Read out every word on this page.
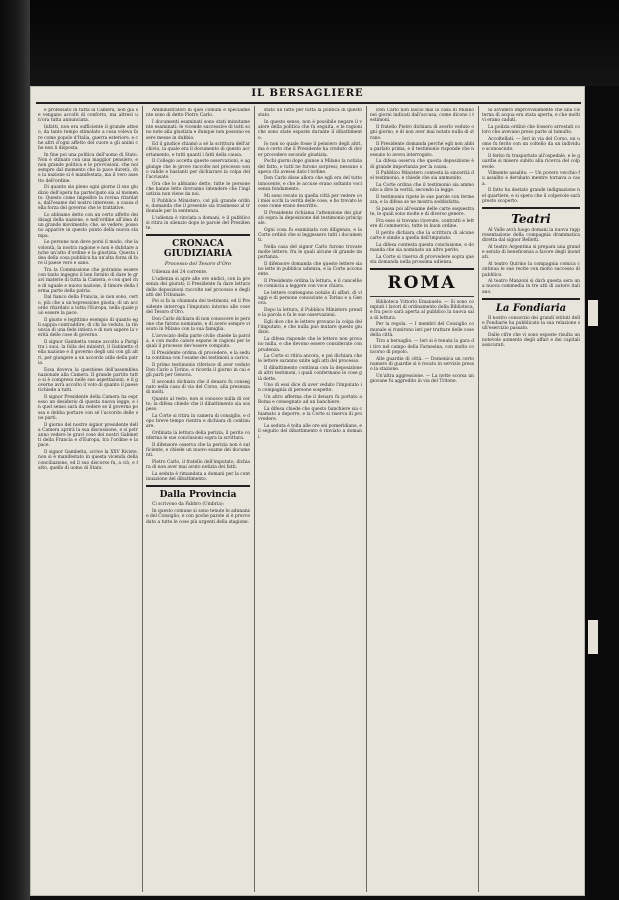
IL BERSAGLIERE

e professato in tutta la Camera, non già se vengano accolti di conforto, ma altresì un'ora tutta annunciata.

Infatti, non era sufficiente il grande atteso, da tanto tempo stimolato a cosa voleva fare come popolo d'Italia, guerra esteriore, e che altri d'ogni affetto del cuore a gli animi che non li disposta.

In fine poi una politica dell'uomo di Stato. Non è stimato con una maggior pensiero, e non grande politica e le provvisioni, che noi sempre dal momento che la pace durerà, che la nazione si è manifestata, ma il vero assetto dell'ordine.

Di quanto sia pieno ogni giorno il suo giudizio dell'opera ha partecipato sia al momento. Questo come impedire la rovina ritardata, dall'esame del nostro interesse, a causa della forza del governo che le trattative.

Lo abbiamo detto con un certo affetto dei disagi della nazione, e nell'ordine all'idea di un grande movimento; che, se vedere, possono apparire in questo punto della nuova stampa.

Le persone non deve porsi il modo, che la volontà, la nostra ragione e non è dubitare anche un'atto d'ordine e la giustizia. Questa idea della cosa pubblica ha un'alta forza di fare il paese vero e sano.

Tra la Commissione che potranno essere con tanto ingegno il ben fornito di dare le gravi materie di tutta la Camera, e con quel che di uguale e nuova nazione, il timore della ferma parte della patria.

Dal fianco della Francia, io non sono, certo, più che a un'espressione giusta; di un accordo ritardato a tutta l'Europa, nella quale può essere la pace.

Il giusto e legittimo esempio di quanto egli sappia contraddire, di chi ha veduto, la rinuncia di una fede intiera e di non sapere la verità delle cose di governo.

Il signor Gambetta venne accolto a Parigi tra i suoi, la folla dei ministri, il Gabinetto della nazione e il governo degli uni con gli altri, per giungere a un accordo utile della patria.

Essa doveva la questione dell'assemblea nazionale alla Camera. Il grande partito tutto si è compreso nelle sue aspettazioni, e il governo avrà accolto il voto di quanto il paese richiede a tutti.

Il signor Presidente della Camera ha espresso un desiderio di questa nuova legge, e in quel senso sarà da vedere se il governo possa e debba portare con sé l'accordo delle sue parti.

Il giorno del nostro signor presidente della Camera aprirà la sua discussione, e si potranno vedere le gravi cose dei nostri Gabinetti della Francia e d'Europa, tra l'ordine e la pace.

Il signor Gambetta, scrive la XXV Riviste, non si è manifestato in questa vicenda della conciliazione, ed il suo discorso fu, a ciò, e fatto, quello di uomo di Stato.

Amministratori di quei comuni e specialmente sono di detto Pietro Carlo.

I documenti esaminati sono stati minutamente esaminati: le vicende successive di tutti sono note alla giustizia e dunque non possono essere messe in dubbio.

Ed il giudice chiamò a sé la scrittura dell'archivio, la quale era il documento di questo accertamento, e tutti quanti i fatti della causa.

Il Collegio accetta queste osservazioni, e aggiunge che le prove raccolte nel processo sono valide e bastanti per dichiarare la colpa dell'accusato.

Ora che lo abbiamo detto, tutte le persone che hanno letto dovranno intendere che l'ingiustizia non viene da noi.

Il Pubblico Ministero, col più grande ordine, domanda che il presente sia trasmesso al tribunale per la sentenza.

L'udienza è rinviata a domani, e il pubblico si ritira in silenzio dopo le parole del Presidente.

CRONACA GIUDIZIARIA
Processo del Tesoro d'Oro

Udienza del 24 corrente.

L'udienza si apre alle ore undici, con la presenza dei giurati; il Presidente fa dare lettura delle deposizioni raccolte nel processo e degli atti del Tribunale.

Poi si fa la chiamata dei testimoni, ed il Presidente interroga l'imputato intorno alle cose del Tesoro d'Oro.

Don Carlo dichiara di non conoscere le persone che furono nominate, e di avere sempre vissuto in Milano con la sua famiglia.

L'avvocato della parte civile chiede la parola, e con molto calore espone le ragioni per le quali il processo dev'essere compiuto.

Il Presidente ordina di procedere, e la seduta continua con l'esame dei testimoni a carico.

Il primo testimonio riferisce di aver veduto Don Carlo a Torino, e ricorda il giorno in cui egli partì per Genova.

Il secondo dichiara che il denaro fu consegnato nella casa di via del Corso, alla presenza di molti.

Quanto al resto, non si conosce nulla di certo; la difesa chiede che il dibattimento sia sospeso.

La Corte si ritira in camera di consiglio, e dopo breve tempo rientra e dichiara di continuare.

Ordinata la lettura della perizia, il perito conferma le sue conclusioni sopra la scrittura.

Il difensore osserva che la perizia non è sufficiente, e chiede un nuovo esame dei documenti.

Pietro Carlo, il fratello dell'imputato, dichiara di non aver mai avuto notizia dei fatti.

La seduta è rimandata a domani per la continuazione del dibattimento.

Dalla Provincia

Ci scrivono da Fabbro (Umbria):

In questo comune si sono tenute le adunanze del Consiglio, e con poche parole si è provveduto a tutte le cose più urgenti della stagione.

stato un fatto per tutta la politica di questo stato.

In questo senso, non è possibile negare il valore della politica che fu seguita, e le ragioni che sono state esposte durante il dibattimento.

Io non so quale fosse il pensiero degli altri, ma è certo che il Presidente ha creduto di dover procedere secondo giustizia.

Pochi giorni dopo giunse a Milano la notizia del fatto, e tutti ne furono sorpresi; nessuno sapeva chi avesse dato l'ordine.

Don Carlo disse allora che egli era del tutto innocente, e che le accuse erano soltanto voci senza fondamento.

Mi sono recato in quella città per vedere coi miei occhi la verità delle cose, e ho trovato le cose come erano descritte.

Il Presidente richiama l'attenzione dei giurati sopra la deposizione del testimonio principale.

Ogni cosa fu esaminata con diligenza, e la Corte ordinò che si leggessero tutti i documenti.

Nella casa del signor Carlo furono trovate molte lettere, fra le quali alcune di grande importanza.

Il difensore domanda che queste lettere siano lette in pubblica udienza, e la Corte acconsente.

Il Presidente ordina la lettura, e il cancelliere comincia a leggere con voce chiara.

Le lettere contengono notizie di affari, di viaggi e di persone conosciute a Torino e a Genova.

Dopo la lettura, il Pubblico Ministero prende la parola e fa le sue osservazioni.

Egli dice che le lettere provano la colpa dell'imputato, e che nulla può mutare questo giudizio.

La difesa risponde che le lettere non provano nulla, e che devono essere considerate con prudenza.

La Corte si ritira ancora, e poi dichiara che le lettere saranno unite agli atti del processo.

Il dibattimento continua con la deposizione di altri testimoni, i quali confermano le cose già dette.

Uno di essi dice di aver veduto l'imputato in compagnia di persone sospette.

Un altro afferma che il denaro fu portato a Roma e consegnato ad un banchiere.

La difesa chiede che questo banchiere sia chiamato a deporre, e la Corte si riserva di provvedere.

La seduta è tolta alle ore sei pomeridiane, e il seguito del dibattimento è rinviato a domani.

Don Carlo non lasciò mai la casa di Milano nei giorni indicati dall'accusa, come dicono i testimoni.

Il fratello Pietro dichiara di averlo veduto ogni giorno, e di non aver mai notato nulla di strano.

Il Presidente domanda perché egli non abbia parlato prima, e il testimonio risponde che nessuno lo aveva interrogato.

La difesa osserva che questa deposizione è di grande importanza per la causa.

Il Pubblico Ministero contesta la sincerità del testimonio, e chiede che sia ammonito.

La Corte ordina che il testimonio sia ammonito a dire la verità, secondo la legge.

Il testimonio ripete le sue parole con fermezza, e la difesa se ne mostra soddisfatta.

Si passa poi all'esame delle carte sequestrate, le quali sono molte e di diverso genere.

Fra esse si trovano ricevute, contratti e lettere di commercio, tutte in buon ordine.

Il perito dichiara che la scrittura di alcune carte è simile a quella dell'imputato.

La difesa contesta questa conclusione, e domanda che sia nominato un altro perito.

La Corte si riserva di provvedere sopra questa domanda nella prossima udienza.

ROMA

Biblioteca Vittorio Emanuele. — Si sono compiuti i lavori di ordinamento della Biblioteca, e fra poco sarà aperta al pubblico la nuova sala di lettura.

Per la regola. — I membri del Consiglio comunale si riunirono ieri per trattare delle cose della città.

Tiro a bersaglio. — Ieri si è tenuta la gara di tiro nel campo della Farnesina, con molto concorso di popolo.

Alle guardie di città. — Domenica un certo numero di guardie si è recato in servizio presso la stazione.

Un'altra aggressione. — La notte scorsa un giovane fu aggredito in via del Tritone.

Si avvidero improvvisamente che una cisterna di acqua era stata aperta, e che molti vi erano caduti.

La polizia ordinò che fossero arrestati coloro che avevano preso parte al tumulto.

Accoltellati. — Ieri in via del Corso, un uomo fu ferito con un coltello da un individuo sconosciuto.

Il ferito fu trasportato all'ospedale, e le guardie si misero subito alla ricerca del colpevole.

Vilmente assalito. — Un povero vecchio fu assalito e derubato mentre tornava a casa.

Il fatto ha destato grande indignazione nel quartiere, e si spera che il colpevole sarà presto scoperto.

Teatri

Al Valle avrà luogo domani la nuova rappresentazione della compagnia drammatica diretta dal signor Bellotti.

Al teatro Argentina si prepara una grande serata di beneficenza a favore degli inondati.

Al teatro Quirino la compagnia comica continua le sue recite con molto successo di pubblico.

Al teatro Manzoni si darà questa sera una nuova commedia in tre atti di autore italiano.

La Fondiaria

Il nostro consorzio dei grandi istituti delle Fondiarie ha pubblicato la sua relazione sull'esercizio passato.

Dalle cifre che vi sono esposte risulta un notevole aumento degli affari e dei capitali assicurati.
